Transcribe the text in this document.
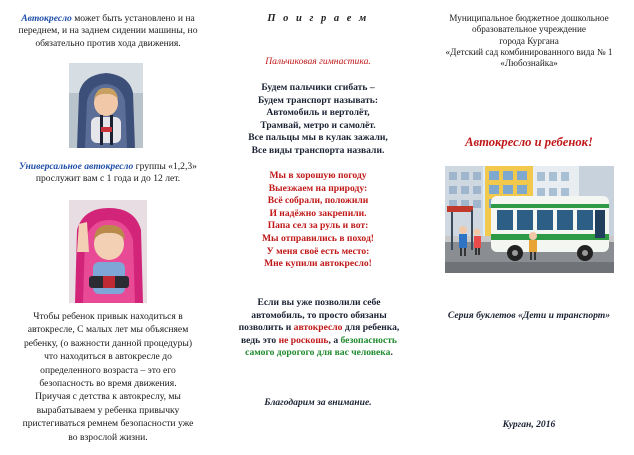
Автокресло может быть установлено и на переднем, и на заднем сидении машины, но обязательно против хода движения.
Универсальное автокресло группы «1,2,3» прослужит вам с 1 года и до 12 лет.
Чтобы ребенок привык находиться в
автокресле, С малых лет мы объясняем
ребенку, (о важности данной процедуры)
что находиться в автокресле до
определенного возраста – это его
безопасность во время движения.
Приучая с детства к автокреслу, мы
вырабатываем у ребенка привычку
пристегиваться ремнем безопасности уже
во взрослой жизни.
П о и г р а е м
Пальчиковая гимнастика.
Будем пальчики сгибать –
Будем транспорт называть:
Автомобиль и вертолёт,
Трамвай, метро и самолёт.
Все пальцы мы в кулак зажали,
Все виды транспорта назвали.
Мы в хорошую погоду
Выезжаем на природу:
Всё собрали, положили
И надёжно закрепили.
Папа сел за руль и вот:
Мы отправились в поход!
У меня своё есть место:
Мне купили автокресло!
Если вы уже позволили себе
автомобиль, то просто обязаны
позволить и автокресло для ребенка,
ведь это не роскошь, а безопасность
самого дорогого для вас человека.
Благодарим за внимание.
Муниципальное бюджетное дошкольное
образовательное учреждение
города Кургана
«Детский сад комбинированного вида № 1
«Любознайка»
Автокресло и ребенок!
Серия буклетов «Дети и транспорт»
Курган, 2016
